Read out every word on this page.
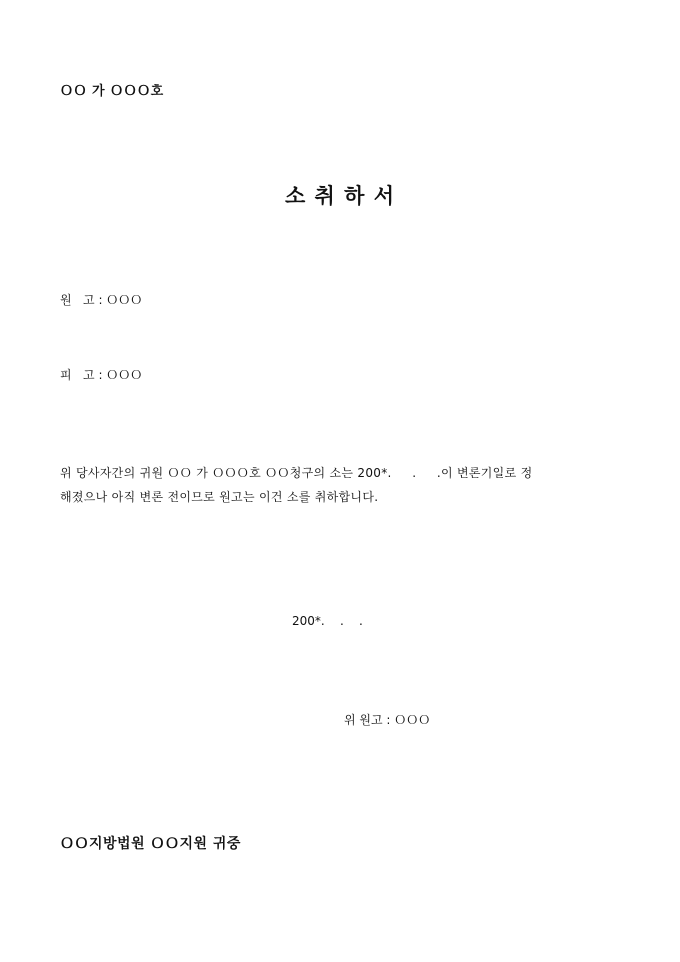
ＯＯ 가 ＯＯＯ호
소 취 하 서
원   고 : ＯＯＯ
피   고 : ＯＯＯ
위 당사자간의 귀원 ＯＯ 가 ＯＯＯ호 ＯＯ청구의 소는 200*.     .     .이 변론기일로 정
해졌으나 아직 변론 전이므로 원고는 이건 소를 취하합니다.
200*.    .    .
위 원고 : ＯＯＯ
ＯＯ지방법원 ＯＯ지원 귀중
